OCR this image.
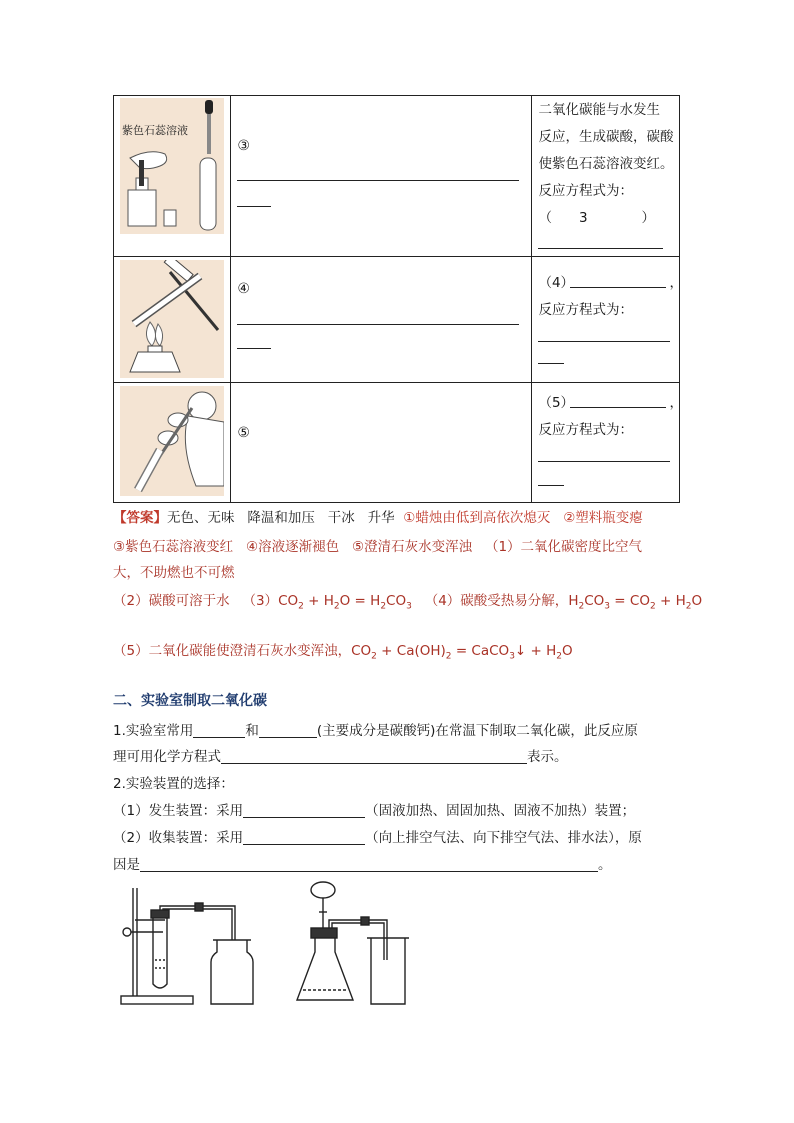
紫色石蕊溶液	③	二氧化碳能与水发生
反应，生成碳酸，碳酸
使紫色石蕊溶液变红。
反应方程式为：
（　　3　　　　）

④	（4） ，
反应方程式为：

⑤	（5） ，
反应方程式为：
【答案】无色、无味 降温和加压 干冰 升华 ①蜡烛由低到高依次熄灭 ②塑料瓶变瘪
③紫色石蕊溶液变红 ④溶液逐渐褪色 ⑤澄清石灰水变浑浊 （1）二氧化碳密度比空气
大，不助燃也不可燃
（2）碳酸可溶于水 $(3)CO_2 + H_2O = H_2CO_3$ （4）碳酸受热易分解，$H_2CO_3 = CO_2 + H_2O$
（5）二氧化碳能使澄清石灰水变浑浊，$CO_2 + Ca(OH)_2$ = CaCO$_3$↓ + $H_2O$
二、实验室制取二氧化碳
1.实验室常用	和	(主要成分是碳酸钙)在常温下制取二氧化碳，此反应原
理可用化学方程式	表示。
2.实验装置的选择：
（1）发生装置：采用	（固液加热、固固加热、固液不加热）装置；
（2）收集装置：采用	（向上排空气法、向下排空气法、排水法），原
因是	。
